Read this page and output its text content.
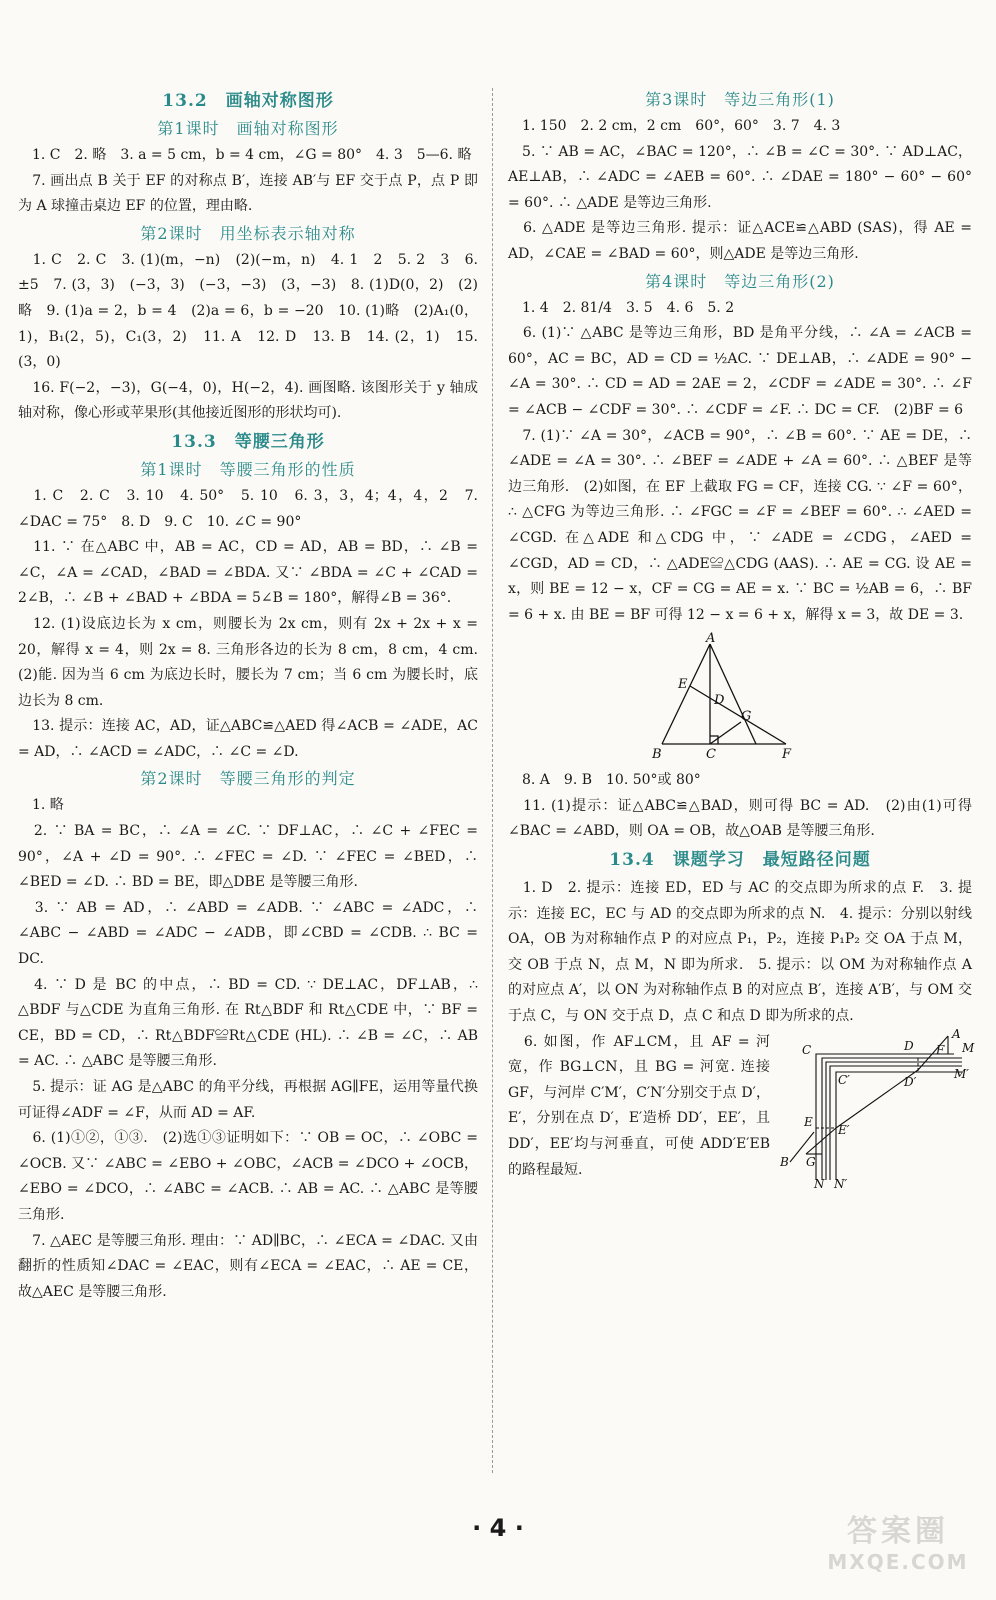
13.2　画轴对称图形
第1课时　画轴对称图形

　1. C　2. 略　3. a = 5 cm，b = 4 cm，∠G = 80°　4. 3　5—6. 略

　7. 画出点 B 关于 EF 的对称点 B′，连接 AB′与 EF 交于点 P，点 P 即为 A 球撞击桌边 EF 的位置，理由略.

第2课时　用坐标表示轴对称

　1. C　2. C　3. (1)(m，−n)　(2)(−m，n)　4. 1　2　5. 2　3　6. ±5　7. (3，3)　(−3，3)　(−3，−3)　(3，−3)　8. (1)D(0，2)　(2)略　9. (1)a = 2，b = 4　(2)a = 6，b = −20　10. (1)略　(2)A₁(0，1)，B₁(2，5)，C₁(3，2)　11. A　12. D　13. B　14. (2，1)　15. (3，0)

　16. F(−2，−3)，G(−4，0)，H(−2，4). 画图略. 该图形关于 y 轴成轴对称，像心形或苹果形(其他接近图形的形状均可).

13.3　等腰三角形
第1课时　等腰三角形的性质

　1. C　2. C　3. 10　4. 50°　5. 10　6. 3，3，4；4，4，2　7. ∠DAC = 75°　8. D　9. C　10. ∠C = 90°

　11. ∵ 在△ABC 中，AB = AC，CD = AD，AB = BD，∴ ∠B = ∠C，∠A = ∠CAD，∠BAD = ∠BDA. 又∵ ∠BDA = ∠C + ∠CAD = 2∠B，∴ ∠B + ∠BAD + ∠BDA = 5∠B = 180°，解得∠B = 36°.

　12. (1)设底边长为 x cm，则腰长为 2x cm，则有 2x + 2x + x = 20，解得 x = 4，则 2x = 8. 三角形各边的长为 8 cm，8 cm，4 cm.　(2)能. 因为当 6 cm 为底边长时，腰长为 7 cm；当 6 cm 为腰长时，底边长为 8 cm.

　13. 提示：连接 AC，AD，证△ABC≌△AED 得∠ACB = ∠ADE，AC = AD，∴ ∠ACD = ∠ADC，∴ ∠C = ∠D.

第2课时　等腰三角形的判定

　1. 略

　2. ∵ BA = BC，∴ ∠A = ∠C. ∵ DF⊥AC，∴ ∠C + ∠FEC = 90°，∠A + ∠D = 90°. ∴ ∠FEC = ∠D. ∵ ∠FEC = ∠BED，∴ ∠BED = ∠D. ∴ BD = BE，即△DBE 是等腰三角形.

　3. ∵ AB = AD，∴ ∠ABD = ∠ADB. ∵ ∠ABC = ∠ADC，∴ ∠ABC − ∠ABD = ∠ADC − ∠ADB，即∠CBD = ∠CDB. ∴ BC = DC.

　4. ∵ D 是 BC 的中点，∴ BD = CD. ∵ DE⊥AC，DF⊥AB，∴ △BDF 与△CDE 为直角三角形. 在 Rt△BDF 和 Rt△CDE 中，∵ BF = CE，BD = CD，∴ Rt△BDF≌Rt△CDE (HL). ∴ ∠B = ∠C，∴ AB = AC. ∴ △ABC 是等腰三角形.

　5. 提示：证 AG 是△ABC 的角平分线，再根据 AG∥FE，运用等量代换可证得∠ADF = ∠F，从而 AD = AF.

　6. (1)①②，①③.　(2)选①③证明如下：∵ OB = OC，∴ ∠OBC = ∠OCB. 又∵ ∠ABC = ∠EBO + ∠OBC，∠ACB = ∠DCO + ∠OCB，∠EBO = ∠DCO，∴ ∠ABC = ∠ACB. ∴ AB = AC. ∴ △ABC 是等腰三角形.

　7. △AEC 是等腰三角形. 理由：∵ AD∥BC，∴ ∠ECA = ∠DAC. 又由翻折的性质知∠DAC = ∠EAC，则有∠ECA = ∠EAC，∴ AE = CE，故△AEC 是等腰三角形.

第3课时　等边三角形(1)

　1. 150　2. 2 cm，2 cm　60°，60°　3. 7　4. 3

　5. ∵ AB = AC，∠BAC = 120°，∴ ∠B = ∠C = 30°. ∵ AD⊥AC，AE⊥AB，∴ ∠ADC = ∠AEB = 60°. ∴ ∠DAE = 180° − 60° − 60° = 60°. ∴ △ADE 是等边三角形.

　6. △ADE 是等边三角形. 提示：证△ACE≌△ABD (SAS)，得 AE = AD，∠CAE = ∠BAD = 60°，则△ADE 是等边三角形.

第4课时　等边三角形(2)

　1. 4　2. 81/4　3. 5　4. 6　5. 2

　6. (1)∵ △ABC 是等边三角形，BD 是角平分线，∴ ∠A = ∠ACB = 60°，AC = BC，AD = CD = ½AC. ∵ DE⊥AB，∴ ∠ADE = 90° − ∠A = 30°. ∴ CD = AD = 2AE = 2，∠CDF = ∠ADE = 30°. ∴ ∠F = ∠ACB − ∠CDF = 30°. ∴ ∠CDF = ∠F. ∴ DC = CF.　(2)BF = 6

　7. (1)∵ ∠A = 30°，∠ACB = 90°，∴ ∠B = 60°. ∵ AE = DE，∴ ∠ADE = ∠A = 30°. ∴ ∠BEF = ∠ADE + ∠A = 60°. ∴ △BEF 是等边三角形.　(2)如图，在 EF 上截取 FG = CF，连接 CG. ∵ ∠F = 60°，∴ △CFG 为等边三角形. ∴ ∠FGC = ∠F = ∠BEF = 60°. ∴ ∠AED = ∠CGD. 在△ADE 和△CDG 中，∵ ∠ADE = ∠CDG，∠AED = ∠CGD，AD = CD，∴ △ADE≌△CDG (AAS). ∴ AE = CG. 设 AE = x，则 BE = 12 − x，CF = CG = AE = x. ∵ BC = ½AB = 6，∴ BF = 6 + x. 由 BE = BF 可得 12 − x = 6 + x，解得 x = 3，故 DE = 3.

A
E
D
G
B	C	F

　8. A　9. B　10. 50°或 80°

　11. (1)提示：证△ABC≌△BAD，则可得 BC = AD.　(2)由(1)可得∠BAC = ∠ABD，则 OA = OB，故△OAB 是等腰三角形.

13.4　课题学习　最短路径问题

　1. D　2. 提示：连接 ED，ED 与 AC 的交点即为所求的点 F.　3. 提示：连接 EC，EC 与 AD 的交点即为所求的点 N.　4. 提示：分别以射线 OA，OB 为对称轴作点 P 的对应点 P₁，P₂，连接 P₁P₂ 交 OA 于点 M，交 OB 于点 N，点 M，N 即为所求.　5. 提示：以 OM 为对称轴作点 A 的对应点 A′，以 ON 为对称轴作点 B 的对应点 B′，连接 A′B′，与 OM 交于点 C，与 ON 交于点 D，点 C 和点 D 即为所求的点.

　6. 如图，作 AF⊥CM，且 AF = 河宽，作 BG⊥CN，且 BG = 河宽. 连接 GF，与河岸 C′M′，C′N′分别交于点 D′，E′，分别在点 D′，E′造桥 DD′，EE′，且 DD′，EE′均与河垂直，可使 ADD′E′EB 的路程最短.

A
F M
C	D
C′	D′
M′
E
E′
B G
N N′
· 4 ·	答案圈
MXQE.COM
